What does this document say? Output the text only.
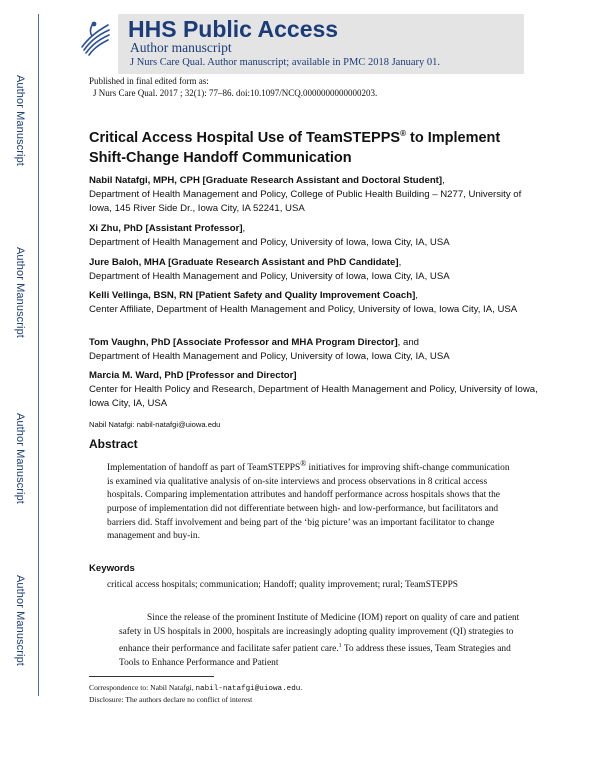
Author Manuscript
Author Manuscript
Author Manuscript
Author Manuscript
HHS Public Access
Author manuscript
J Nurs Care Qual. Author manuscript; available in PMC 2018 January 01.
Published in final edited form as:
J Nurs Care Qual. 2017 ; 32(1): 77–86. doi:10.1097/NCQ.0000000000000203.
Critical Access Hospital Use of TeamSTEPPS® to Implement Shift-Change Handoff Communication
Nabil Natafgi, MPH, CPH [Graduate Research Assistant and Doctoral Student],
Department of Health Management and Policy, College of Public Health Building – N277, University of Iowa, 145 River Side Dr., Iowa City, IA 52241, USA
Xi Zhu, PhD [Assistant Professor],
Department of Health Management and Policy, University of Iowa, Iowa City, IA, USA
Jure Baloh, MHA [Graduate Research Assistant and PhD Candidate],
Department of Health Management and Policy, University of Iowa, Iowa City, IA, USA
Kelli Vellinga, BSN, RN [Patient Safety and Quality Improvement Coach],
Center Affiliate, Department of Health Management and Policy, University of Iowa, Iowa City, IA, USA
Tom Vaughn, PhD [Associate Professor and MHA Program Director], and
Department of Health Management and Policy, University of Iowa, Iowa City, IA, USA
Marcia M. Ward, PhD [Professor and Director]
Center for Health Policy and Research, Department of Health Management and Policy, University of Iowa, Iowa City, IA, USA
Nabil Natafgi: nabil-natafgi@uiowa.edu
Abstract
Implementation of handoff as part of TeamSTEPPS® initiatives for improving shift-change communication is examined via qualitative analysis of on-site interviews and process observations in 8 critical access hospitals. Comparing implementation attributes and handoff performance across hospitals shows that the purpose of implementation did not differentiate between high- and low-performance, but facilitators and barriers did. Staff involvement and being part of the ‘big picture’ was an important facilitator to change management and buy-in.
Keywords
critical access hospitals; communication; Handoff; quality improvement; rural; TeamSTEPPS
Since the release of the prominent Institute of Medicine (IOM) report on quality of care and patient safety in US hospitals in 2000, hospitals are increasingly adopting quality improvement (QI) strategies to enhance their performance and facilitate safer patient care.$^1$ To address these issues, Team Strategies and Tools to Enhance Performance and Patient
Correspondence to: Nabil Natafgi, nabil-natafgi@uiowa.edu.
Disclosure: The authors declare no conflict of interest
